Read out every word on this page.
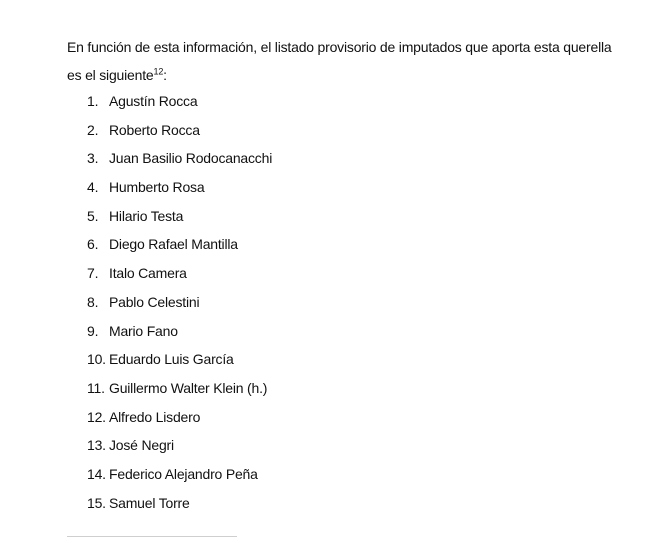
En función de esta información, el listado provisorio de imputados que aporta esta querella es el siguiente$^{12}$:

1. Agustín Rocca
2. Roberto Rocca
3. Juan Basilio Rodocanacchi
4. Humberto Rosa
5. Hilario Testa
6. Diego Rafael Mantilla
7. Italo Camera
8. Pablo Celestini
9. Mario Fano
10. Eduardo Luis García
11. Guillermo Walter Klein (h.)
12. Alfredo Lisdero
13. José Negri
14. Federico Alejandro Peña
15. Samuel Torre
